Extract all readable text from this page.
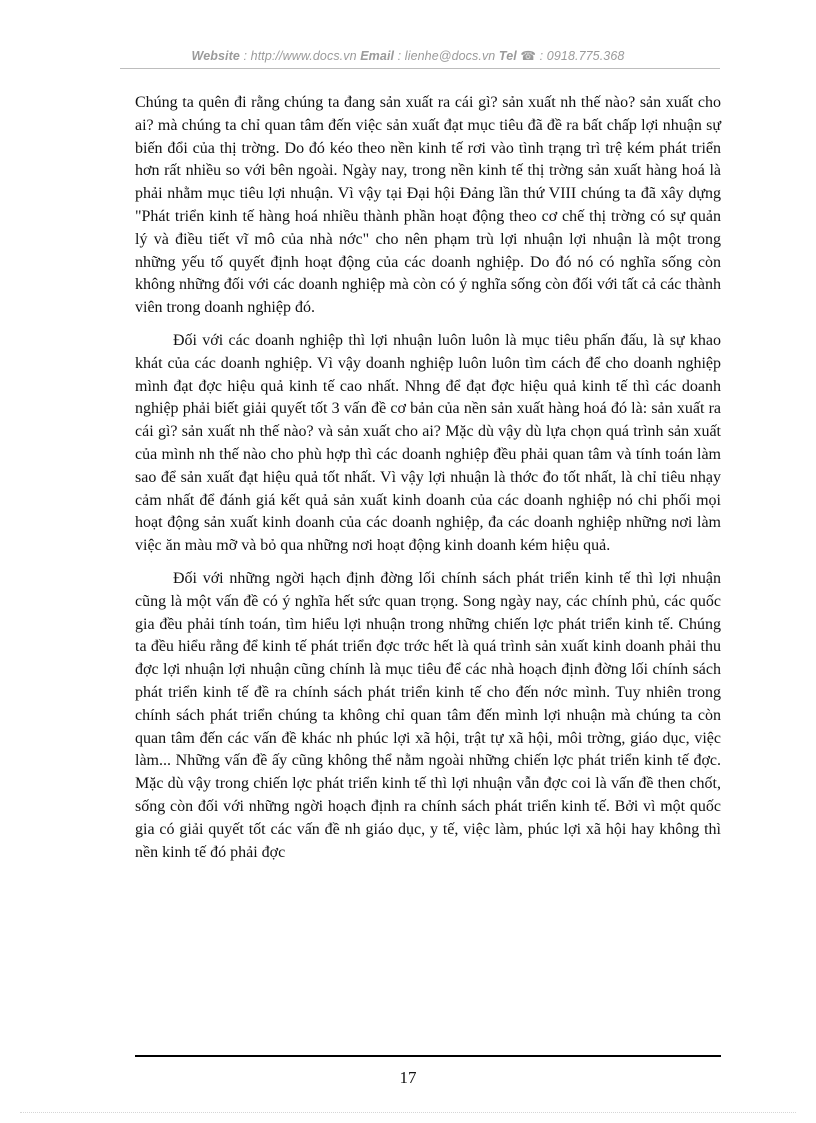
Website : http://www.docs.vn Email : lienhe@docs.vn Tel ☎ : 0918.775.368

Chúng ta quên đi rằng chúng ta đang sản xuất ra cái gì? sản xuất nh thế nào? sản xuất cho ai? mà chúng ta chỉ quan tâm đến việc sản xuất đạt mục tiêu đã đề ra bất chấp lợi nhuận sự biến đổi của thị trờng. Do đó kéo theo nền kinh tế rơi vào tình trạng trì trệ kém phát triển hơn rất nhiều so với bên ngoài. Ngày nay, trong nền kinh tế thị trờng sản xuất hàng hoá là phải nhằm mục tiêu lợi nhuận. Vì vậy tại Đại hội Đảng lần thứ VIII chúng ta đã xây dựng "Phát triển kinh tế hàng hoá nhiều thành phần hoạt động theo cơ chế thị trờng có sự quản lý và điều tiết vĩ mô của nhà nớc" cho nên phạm trù lợi nhuận lợi nhuận là một trong những yếu tố quyết định hoạt động của các doanh nghiệp. Do đó nó có nghĩa sống còn không những đối với các doanh nghiệp mà còn có ý nghĩa sống còn đối với tất cả các thành viên trong doanh nghiệp đó.

Đối với các doanh nghiệp thì lợi nhuận luôn luôn là mục tiêu phấn đấu, là sự khao khát của các doanh nghiệp. Vì vậy doanh nghiệp luôn luôn tìm cách để cho doanh nghiệp mình đạt đợc hiệu quả kinh tế cao nhất. Nhng để đạt đợc hiệu quả kinh tế thì các doanh nghiệp phải biết giải quyết tốt 3 vấn đề cơ bản của nền sản xuất hàng hoá đó là: sản xuất ra cái gì? sản xuất nh thế nào? và sản xuất cho ai? Mặc dù vậy dù lựa chọn quá trình sản xuất của mình nh thế nào cho phù hợp thì các doanh nghiệp đều phải quan tâm và tính toán làm sao để sản xuất đạt hiệu quả tốt nhất. Vì vậy lợi nhuận là thớc đo tốt nhất, là chỉ tiêu nhạy cảm nhất để đánh giá kết quả sản xuất kinh doanh của các doanh nghiệp nó chi phối mọi hoạt động sản xuất kinh doanh của các doanh nghiệp, đa các doanh nghiệp những nơi làm việc ăn màu mỡ và bỏ qua những nơi hoạt động kinh doanh kém hiệu quả.

Đối với những ngời hạch định đờng lối chính sách phát triển kinh tế thì lợi nhuận cũng là một vấn đề có ý nghĩa hết sức quan trọng. Song ngày nay, các chính phủ, các quốc gia đều phải tính toán, tìm hiểu lợi nhuận trong những chiến lợc phát triển kinh tế. Chúng ta đều hiểu rằng để kinh tế phát triển đợc trớc hết là quá trình sản xuất kinh doanh phải thu đợc lợi nhuận lợi nhuận cũng chính là mục tiêu để các nhà hoạch định đờng lối chính sách phát triển kinh tế đề ra chính sách phát triển kinh tế cho đến nớc mình. Tuy nhiên trong chính sách phát triển chúng ta không chỉ quan tâm đến mình lợi nhuận mà chúng ta còn quan tâm đến các vấn đề khác nh phúc lợi xã hội, trật tự xã hội, môi trờng, giáo dục, việc làm... Những vấn đề ấy cũng không thể nằm ngoài những chiến lợc phát triển kinh tế đợc. Mặc dù vậy trong chiến lợc phát triển kinh tế thì lợi nhuận vẫn đợc coi là vấn đề then chốt, sống còn đối với những ngời hoạch định ra chính sách phát triển kinh tế. Bởi vì một quốc gia có giải quyết tốt các vấn đề nh giáo dục, y tế, việc làm, phúc lợi xã hội hay không thì nền kinh tế đó phải đợc

17
